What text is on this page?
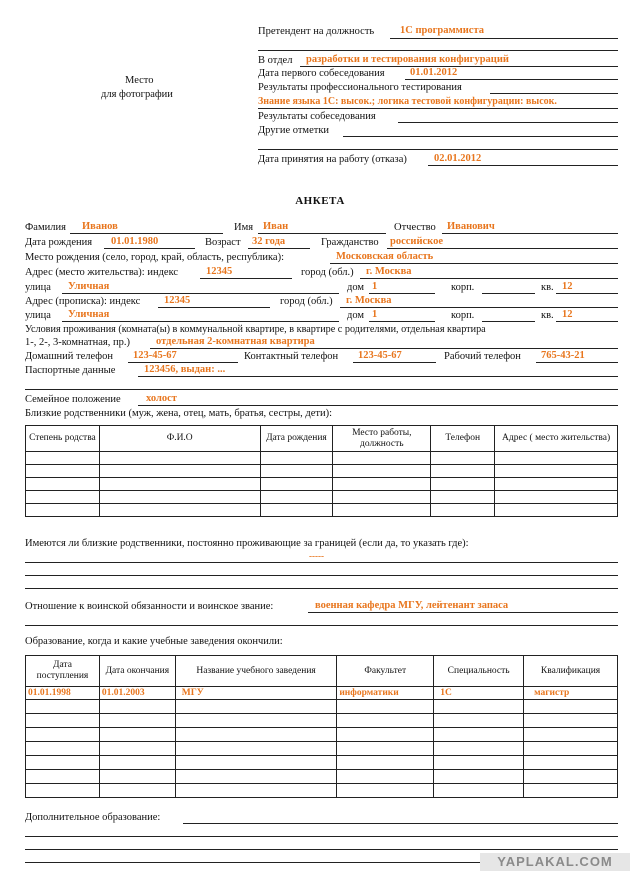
Место
для фотографии
Претендент на должность 1С программиста
В отдел разработки и тестирования конфигураций
Дата первого собеседования 01.01.2012
Результаты профессионального тестирования
Знание языка 1С: высок.; логика тестовой конфигурации: высок.
Результаты собеседования
Другие отметки
Дата принятия на работу (отказа)	02.01.2012
АНКЕТА
Фамилия Иванов	Имя Иван	Отчество Иванович
Дата рождения 01.01.1980	Возраст 32 года	Гражданство российское
Место рождения (село, город, край, область, республика):	Московская область
Адрес (место жительства): индекс	12345	город (обл.) г. Москва
улица Уличная	дом 1	корп.	кв. 12
Адрес (прописка): индекс 12345	город (обл.) г. Москва
улица Уличная	дом 1	корп.	кв. 12
Условия проживания (комната(ы) в коммунальной квартире, в квартире с родителями, отдельная квартира
1-, 2-, 3-комнатная, пр.) отдельная 2-комнатная квартира
Домашний телефон 123-45-67	Контактный телефон 123-45-67	Рабочий телефон 765-43-21
Паспортные данные	123456, выдан: ...
Семейное положение холост
Близкие родственники (муж, жена, отец, мать, братья, сестры, дети):
Степень родства	Ф.И.О	Дата рождения	Место работы, должность	Телефон	Адрес ( место жительства)

Имеются ли близкие родственники, постоянно проживающие за границей (если да, то указать где):
-----
Отношение к воинской обязанности и воинское звание:	военная кафедра МГУ, лейтенант запаса
Образование, когда и какие учебные заведения окончили:
Дата поступления	Дата окончания	Название учебного заведения	Факультет	Специальность	Квалификация
01.01.1998	01.01.2003	МГУ	информатики	1С	магистр

Дополнительное образование:
YAPLAKAL.COM
